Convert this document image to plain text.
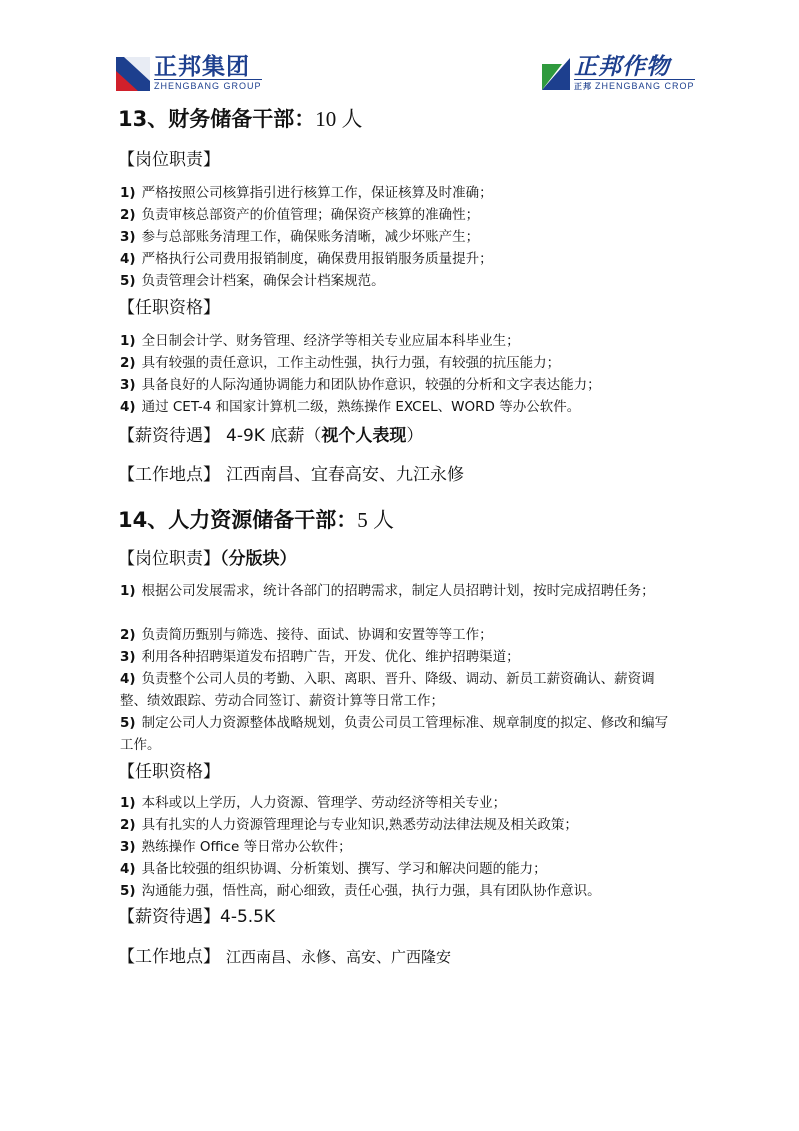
正邦集团
ZHENGBANG GROUP
正邦作物
正邦 ZHENGBANG CROP
13、财务储备干部：10 人
【岗位职责】
1) 严格按照公司核算指引进行核算工作，保证核算及时准确；
2) 负责审核总部资产的价值管理；确保资产核算的准确性；
3) 参与总部账务清理工作，确保账务清晰，减少坏账产生；
4) 严格执行公司费用报销制度，确保费用报销服务质量提升；
5) 负责管理会计档案，确保会计档案规范。
【任职资格】
1) 全日制会计学、财务管理、经济学等相关专业应届本科毕业生；
2) 具有较强的责任意识，工作主动性强，执行力强，有较强的抗压能力；
3) 具备良好的人际沟通协调能力和团队协作意识，较强的分析和文字表达能力；
4) 通过 CET-4 和国家计算机二级，熟练操作 EXCEL、WORD 等办公软件。
【薪资待遇】 4-9K 底薪（视个人表现）
【工作地点】 江西南昌、宜春高安、九江永修
14、人力资源储备干部：5 人
【岗位职责】（分版块）
1) 根据公司发展需求，统计各部门的招聘需求，制定人员招聘计划，按时完成招聘任务；
2) 负责简历甄别与筛选、接待、面试、协调和安置等等工作；
3) 利用各种招聘渠道发布招聘广告，开发、优化、维护招聘渠道；
4) 负责整个公司人员的考勤、入职、离职、晋升、降级、调动、新员工薪资确认、薪资调整、绩效跟踪、劳动合同签订、薪资计算等日常工作；
5) 制定公司人力资源整体战略规划，负责公司员工管理标准、规章制度的拟定、修改和编写工作。
【任职资格】
1) 本科或以上学历，人力资源、管理学、劳动经济等相关专业；
2) 具有扎实的人力资源管理理论与专业知识,熟悉劳动法律法规及相关政策；
3) 熟练操作 Office 等日常办公软件；
4) 具备比较强的组织协调、分析策划、撰写、学习和解决问题的能力；
5) 沟通能力强，悟性高，耐心细致，责任心强，执行力强，具有团队协作意识。
【薪资待遇】4-5.5K
【工作地点】 江西南昌、永修、高安、广西隆安
